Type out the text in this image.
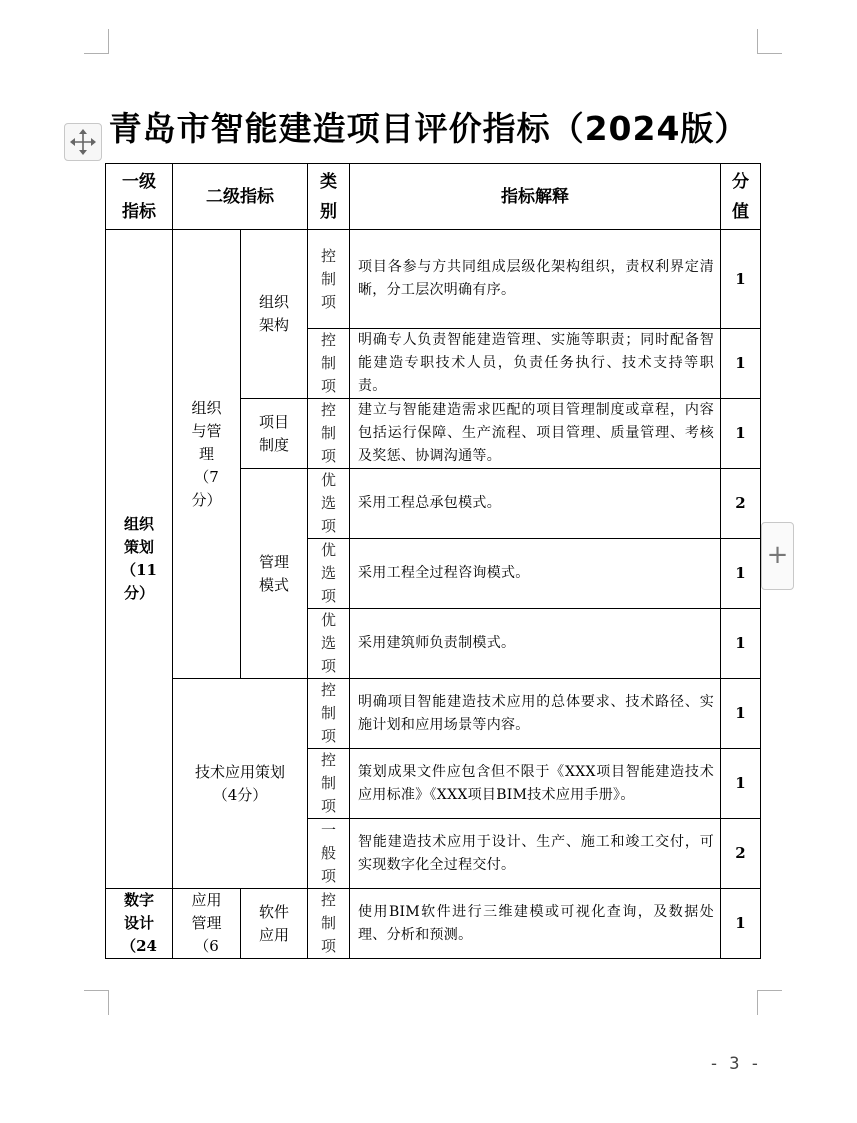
+
青岛市智能建造项目评价指标（2024版）
一级指标	二级指标		类别	指标解释	分值
组织策划（11分）	组织与管理（7分）	组织架构	控制项	项目各参与方共同组成层级化架构组织，责权利界定清晰，分工层次明确有序。	1
			控制项	明确专人负责智能建造管理、实施等职责；同时配备智能建造专职技术人员，负责任务执行、技术支持等职责。	1
		项目制度	控制项	建立与智能建造需求匹配的项目管理制度或章程，内容包括运行保障、生产流程、项目管理、质量管理、考核及奖惩、协调沟通等。	1
		管理模式	优选项	采用工程总承包模式。	2
			优选项	采用工程全过程咨询模式。	1
			优选项	采用建筑师负责制模式。	1
	技术应用策划（4分）		控制项	明确项目智能建造技术应用的总体要求、技术路径、实施计划和应用场景等内容。	1
			控制项	策划成果文件应包含但不限于《XXX项目智能建造技术应用标准》《XXX项目BIM技术应用手册》。	1
			一般项	智能建造技术应用于设计、生产、施工和竣工交付，可实现数字化全过程交付。	2
数字设计（24	应用管理（6	软件应用	控制项	使用BIM软件进行三维建模或可视化查询，及数据处理、分析和预测。	1
- 3 -
